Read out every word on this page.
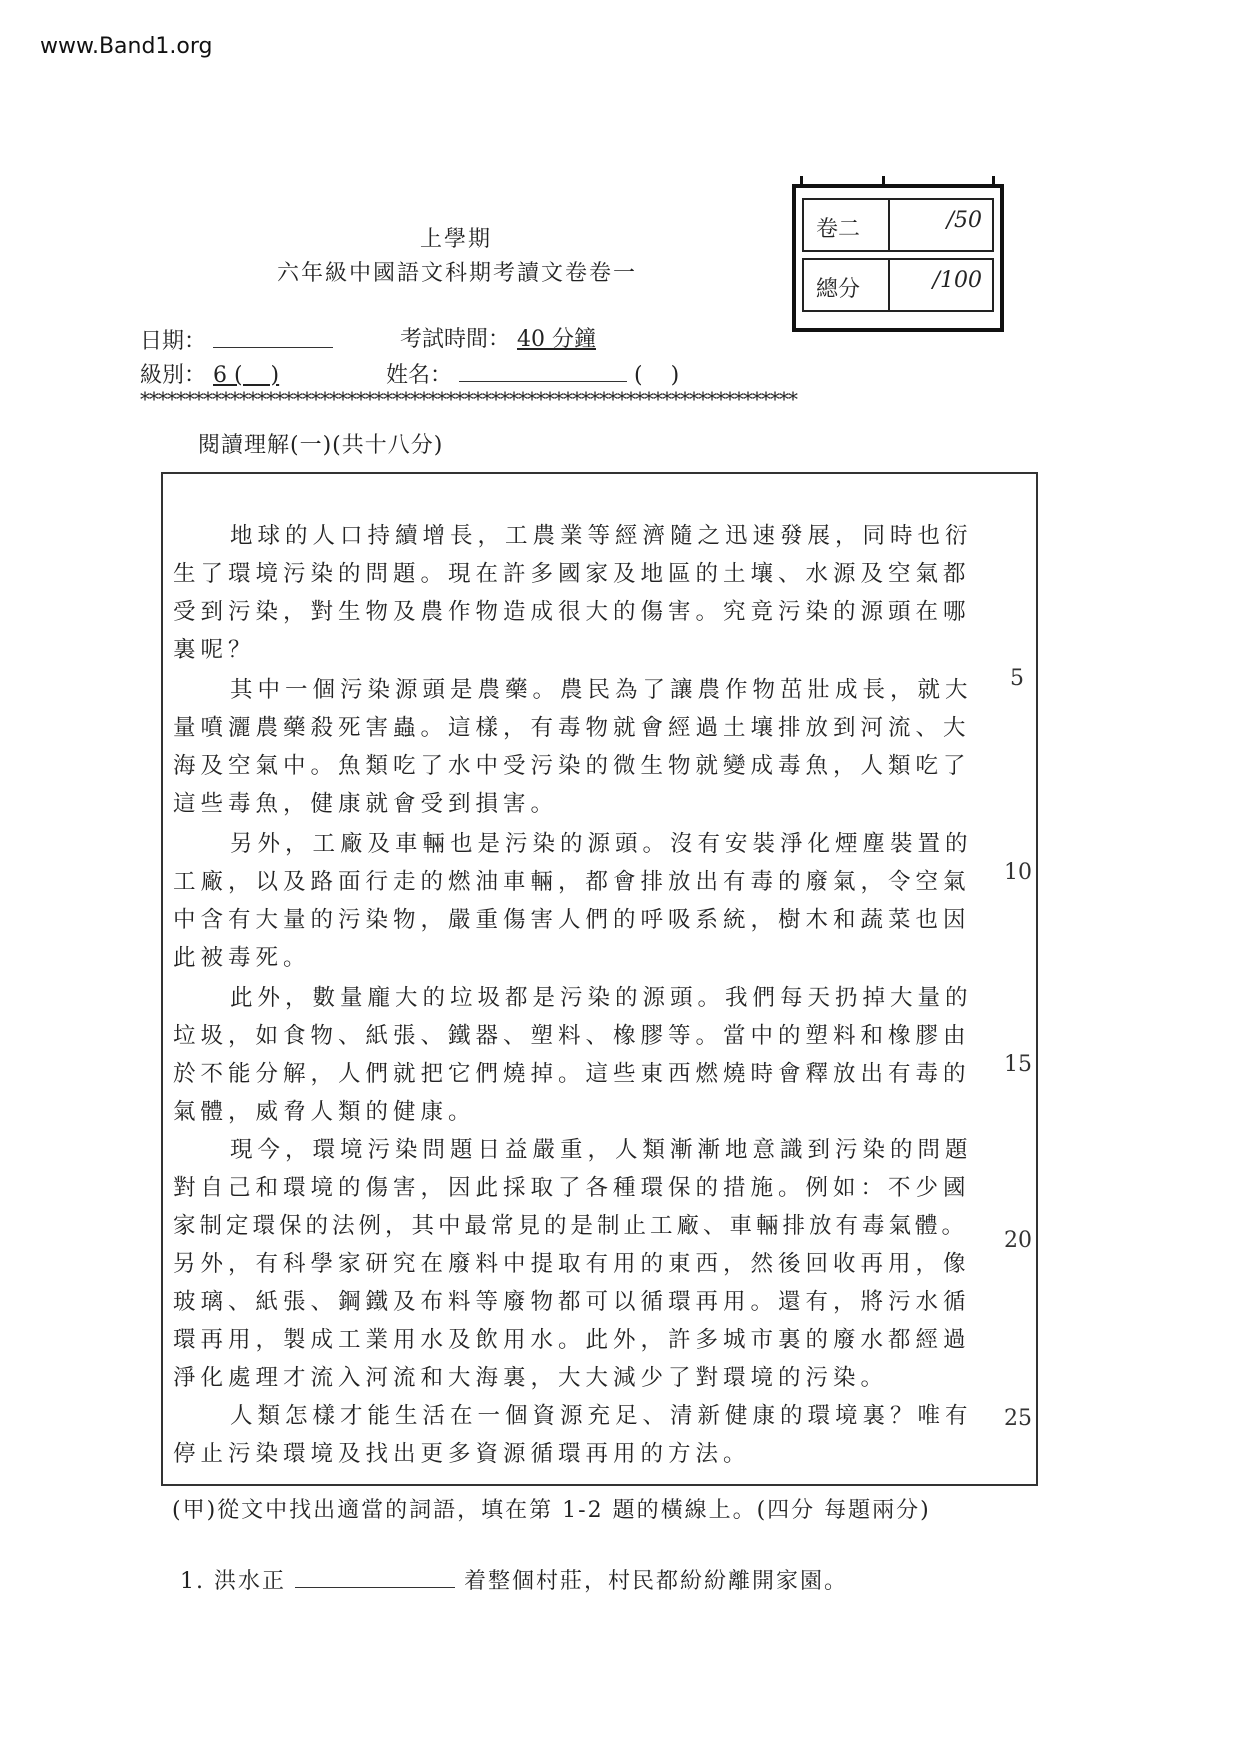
www.Band1.org
上學期
六年級中國語文科期考讀文卷卷一
卷二	/50
總分	/100
日期：	考試時間： 40 分鐘
級別： 6 (    )	姓名：	(    )
*************************************************************************
閱讀理解(一)(共十八分)
地球的人口持續增長，工農業等經濟隨之迅速發展，同時也衍
生了環境污染的問題。現在許多國家及地區的土壤、水源及空氣都
受到污染，對生物及農作物造成很大的傷害。究竟污染的源頭在哪
裏呢？
其中一個污染源頭是農藥。農民為了讓農作物茁壯成長，就大
量噴灑農藥殺死害蟲。這樣，有毒物就會經過土壤排放到河流、大
海及空氣中。魚類吃了水中受污染的微生物就變成毒魚，人類吃了
這些毒魚，健康就會受到損害。
另外，工廠及車輛也是污染的源頭。沒有安裝淨化煙塵裝置的
工廠，以及路面行走的燃油車輛，都會排放出有毒的廢氣，令空氣
中含有大量的污染物，嚴重傷害人們的呼吸系統，樹木和蔬菜也因
此被毒死。
此外，數量龐大的垃圾都是污染的源頭。我們每天扔掉大量的
垃圾，如食物、紙張、鐵器、塑料、橡膠等。當中的塑料和橡膠由
於不能分解，人們就把它們燒掉。這些東西燃燒時會釋放出有毒的
氣體，威脅人類的健康。
現今，環境污染問題日益嚴重，人類漸漸地意識到污染的問題
對自己和環境的傷害，因此採取了各種環保的措施。例如：不少國
家制定環保的法例，其中最常見的是制止工廠、車輛排放有毒氣體。
另外，有科學家研究在廢料中提取有用的東西，然後回收再用，像
玻璃、紙張、鋼鐵及布料等廢物都可以循環再用。還有，將污水循
環再用，製成工業用水及飲用水。此外，許多城市裏的廢水都經過
淨化處理才流入河流和大海裏，大大減少了對環境的污染。
人類怎樣才能生活在一個資源充足、清新健康的環境裏？唯有
停止污染環境及找出更多資源循環再用的方法。
5
10
15
20
25
(甲)從文中找出適當的詞語，填在第 1-2 題的橫線上。(四分 每題兩分)
1. 洪水正	着整個村莊，村民都紛紛離開家園。
